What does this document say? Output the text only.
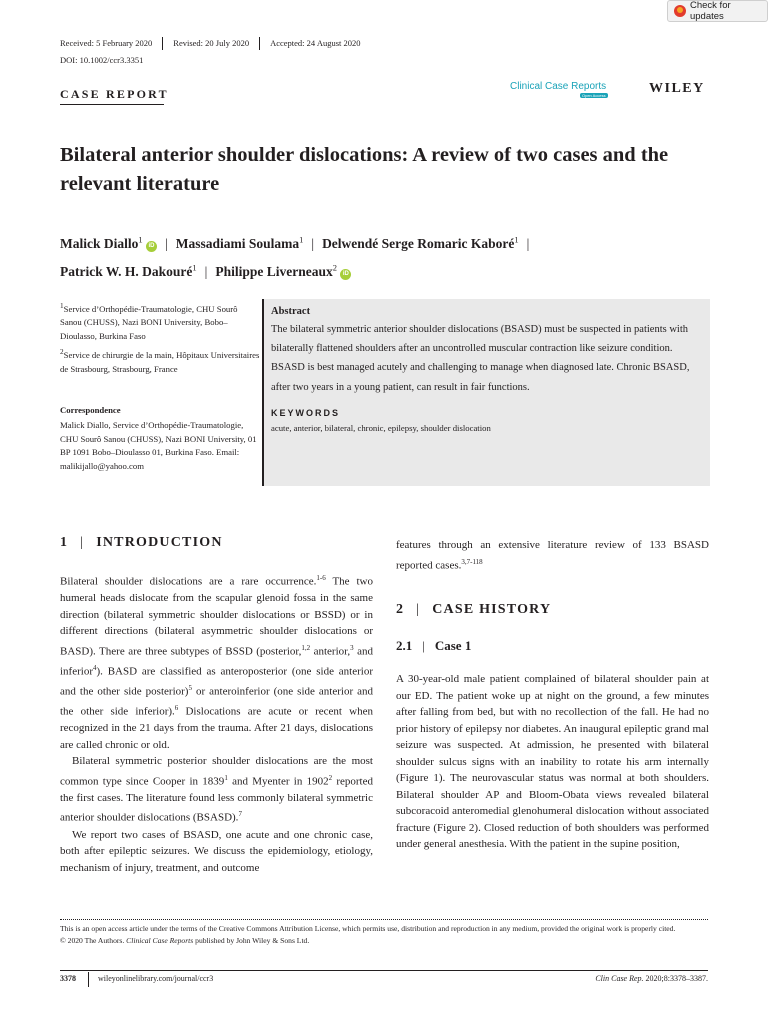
Check for updates
Received: 5 February 2020	Revised: 20 July 2020	Accepted: 24 August 2020
DOI: 10.1002/ccr3.3351
CASE REPORT
Clinical Case Reports
Open Access	WILEY
Bilateral anterior shoulder dislocations: A review of two cases and the relevant literature
Malick Diallo$^1$ iD | Massadiami Soulama$^1$ | Delwendé Serge Romaric Kaboré$^1$ |
Patrick W. H. Dakouré$^1$ | Philippe Liverneaux$^2$ iD

$^1$Service d’Orthopédie-Traumatologie, CHU Sourô Sanou (CHUSS), Nazi BONI University, Bobo–Dioulasso, Burkina Faso

$^2$Service de chirurgie de la main, Hôpitaux Universitaires de Strasbourg, Strasbourg, France

Correspondence
Malick Diallo, Service d’Orthopédie-Traumatologie, CHU Sourô Sanou (CHUSS), Nazi BONI University, 01 BP 1091 Bobo–Dioulasso 01, Burkina Faso. Email: malikijallo@yahoo.com
Abstract
The bilateral symmetric anterior shoulder dislocations (BSASD) must be suspected in patients with bilaterally flattened shoulders after an uncontrolled muscular contraction like seizure condition. BSASD is best managed acutely and challenging to manage when diagnosed late. Chronic BSASD, after two years in a young patient, can result in fair functions.
KEYWORDS
acute, anterior, bilateral, chronic, epilepsy, shoulder dislocation
1 | INTRODUCTION

Bilateral shoulder dislocations are a rare occurrence.$^{1-6}$ The two humeral heads dislocate from the scapular glenoid fossa in the same direction (bilateral symmetric shoulder dislocations or BSSD) or in different directions (bilateral asymmetric shoulder dislocations or BASD). There are three subtypes of BSSD (posterior,$^{1,2}$ anterior,$^3$ and inferior$^4$). BASD are classified as anteroposterior (one side anterior and the other side posterior)$^5$ or anteroinferior (one side anterior and the other side inferior).$^6$ Dislocations are acute or recent when recognized in the 21 days from the trauma. After 21 days, dislocations are called chronic or old.

Bilateral symmetric posterior shoulder dislocations are the most common type since Cooper in 1839$^1$ and Myenter in 1902$^2$ reported the first cases. The literature found less commonly bilateral symmetric anterior shoulder dislocations (BSASD).$^7$

We report two cases of BSASD, one acute and one chronic case, both after epileptic seizures. We discuss the epidemiology, etiology, mechanism of injury, treatment, and outcome

features through an extensive literature review of 133 BSASD reported cases.$^{3,7-118}$

2 | CASE HISTORY
2.1 | Case 1

A 30-year-old male patient complained of bilateral shoulder pain at our ED. The patient woke up at night on the ground, a few minutes after falling from bed, but with no recollection of the fall. He had no prior history of epilepsy nor diabetes. An inaugural epileptic grand mal seizure was suspected. At admission, he presented with bilateral shoulder sulcus signs with an inability to rotate his arm internally (Figure 1). The neurovascular status was normal at both shoulders. Bilateral shoulder AP and Bloom-Obata views revealed bilateral subcoracoid anteromedial glenohumeral dislocation without associated fracture (Figure 2). Closed reduction of both shoulders was performed under general anesthesia. With the patient in the supine position,

This is an open access article under the terms of the Creative Commons Attribution License, which permits use, distribution and reproduction in any medium, provided the original work is properly cited.
© 2020 The Authors. Clinical Case Reports published by John Wiley & Sons Ltd.
3378	wileyonlinelibrary.com/journal/ccr3	Clin Case Rep. 2020;8:3378–3387.
